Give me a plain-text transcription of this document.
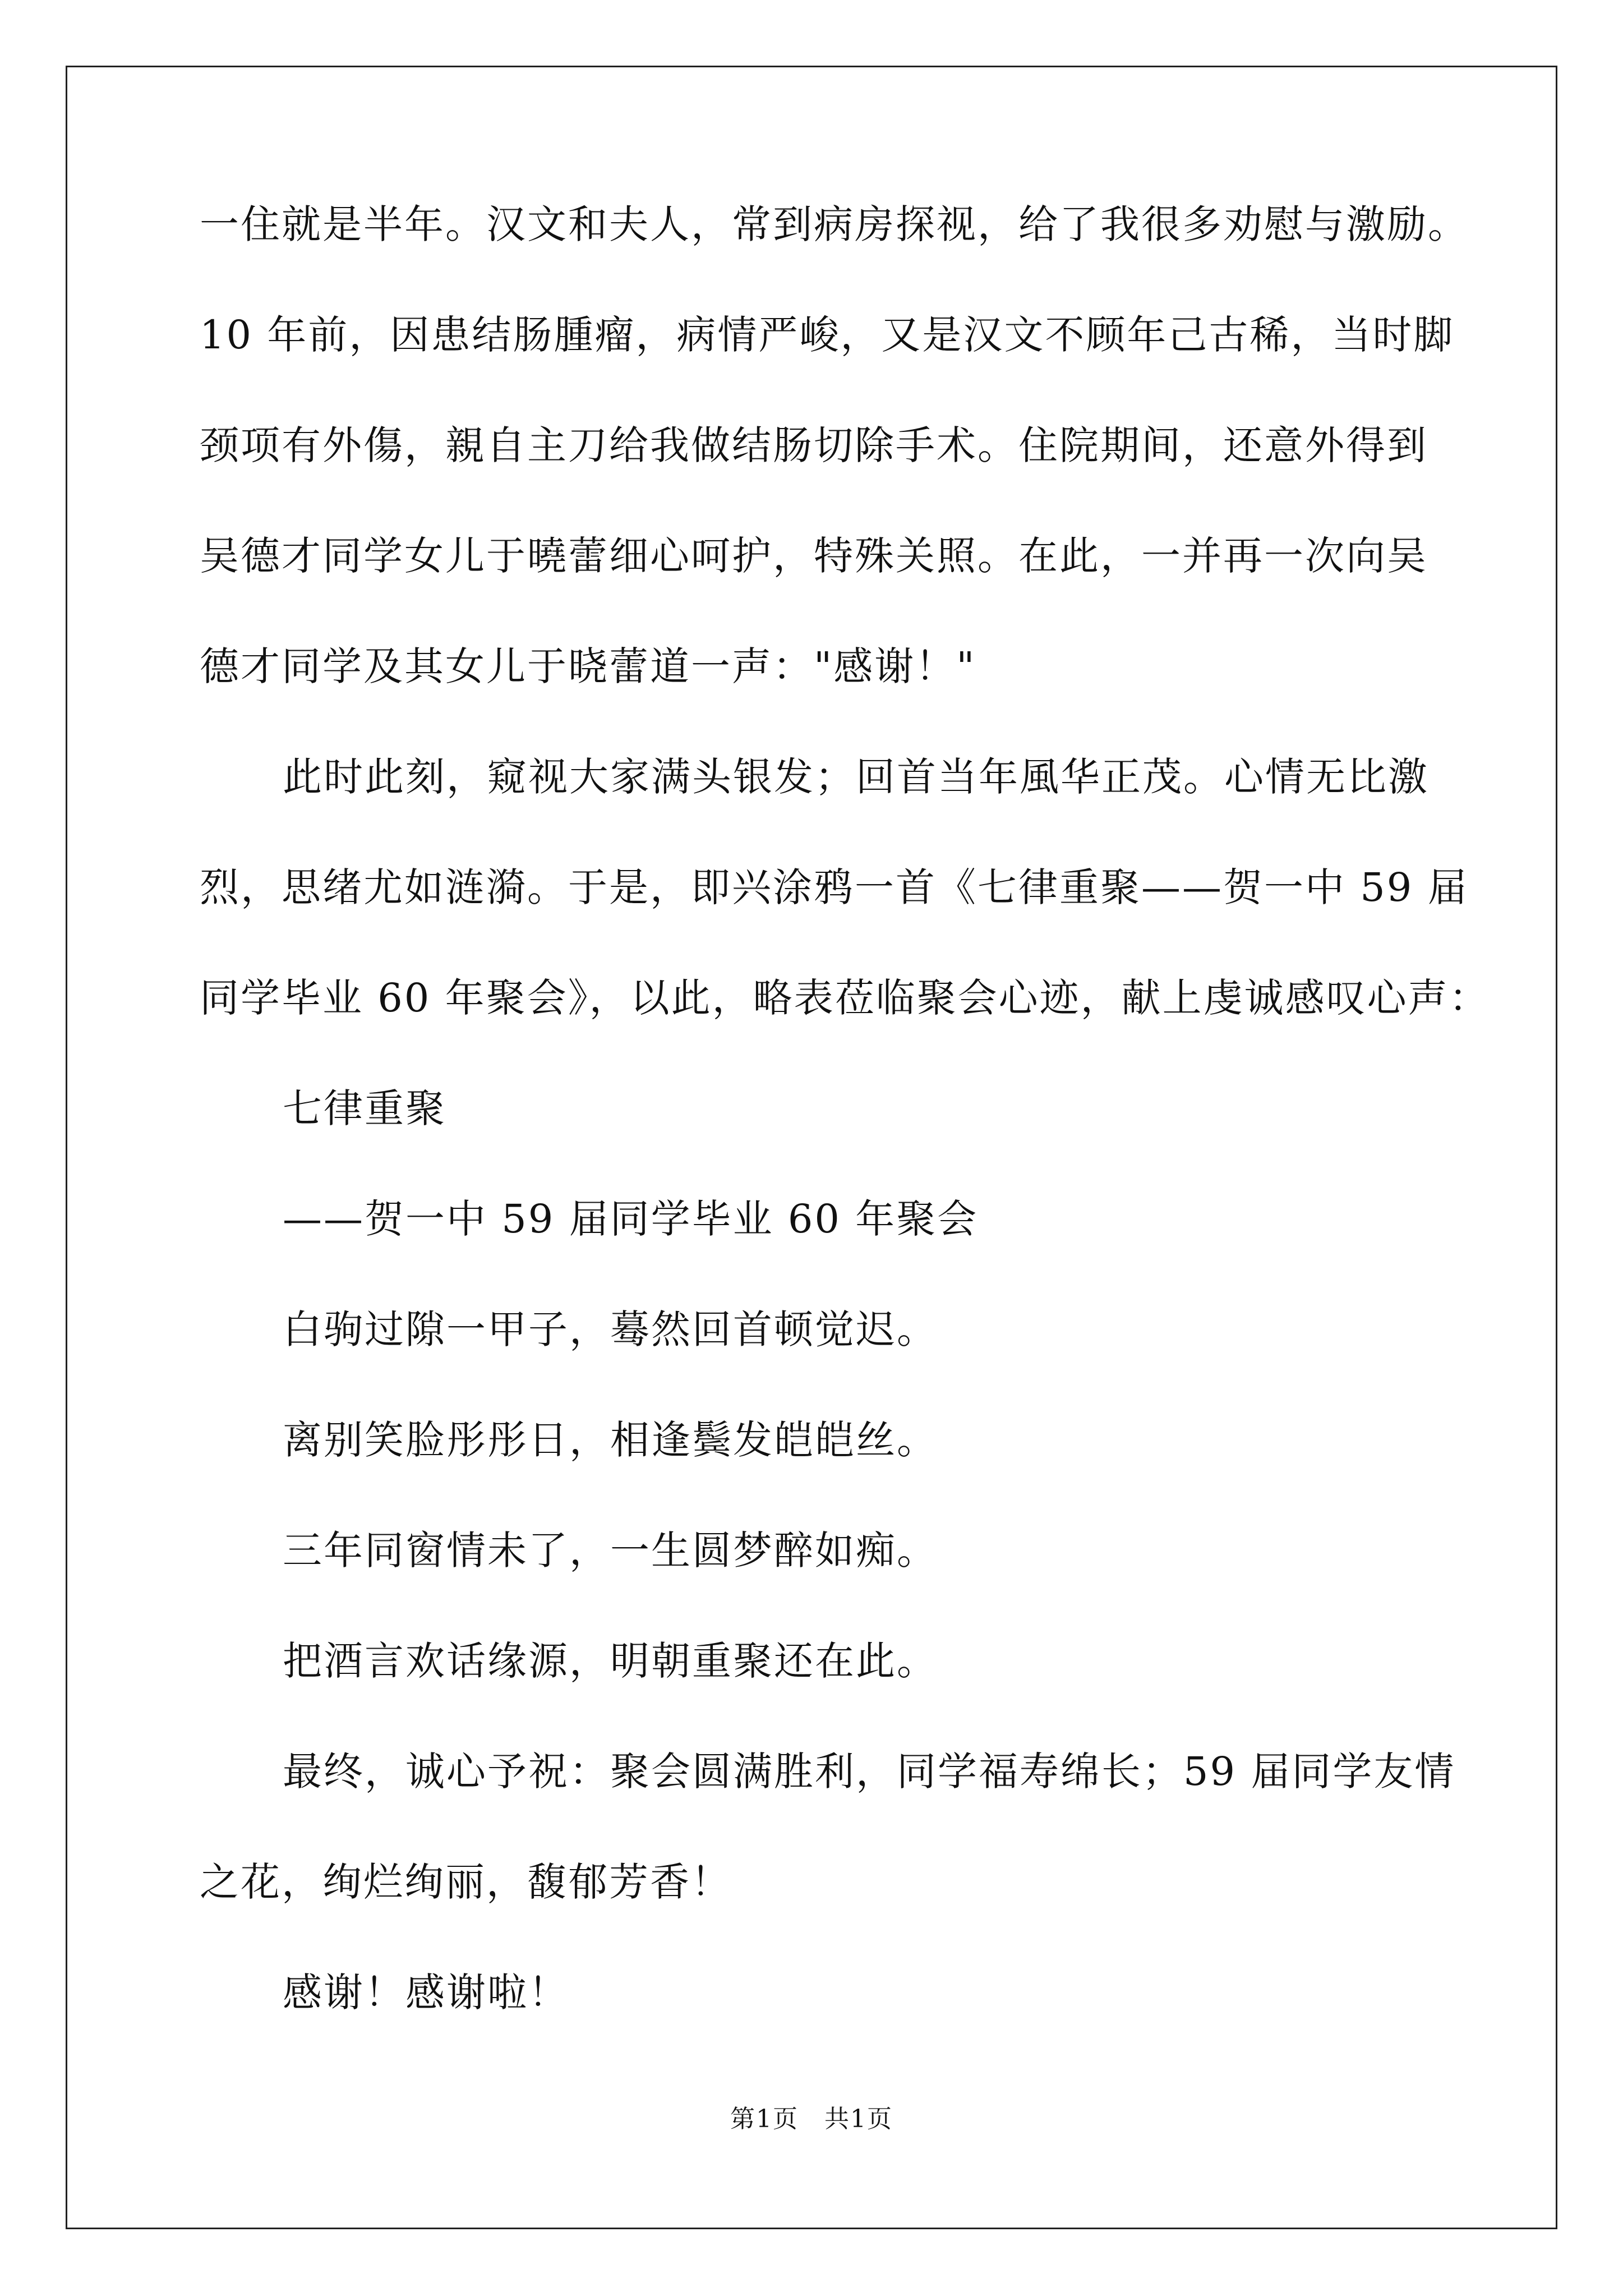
一住就是半年。汉文和夫人，常到病房探视，给了我很多劝慰与激励。
10 年前，因患结肠腫瘤，病情严峻，又是汉文不顾年己古稀，当时脚
颈项有外傷，親自主刀给我做结肠切除手术。住院期间，还意外得到
吴德才同学女儿于曉蕾细心呵护，特殊关照。在此，一并再一次向吴
德才同学及其女儿于晓蕾道一声："感谢！"
此时此刻，窥视大家满头银发；回首当年風华正茂。心情无比激
烈，思绪尤如涟漪。于是，即兴涂鸦一首《七律重聚——贺一中 59 届
同学毕业 60 年聚会》，以此，略表莅临聚会心迹，献上虔诚感叹心声：
七律重聚
——贺一中 59 届同学毕业 60 年聚会
白驹过隙一甲子，蓦然回首顿觉迟。
离别笑脸彤彤日，相逢鬓发皑皑丝。
三年同窗情未了，一生圆梦醉如痴。
把酒言欢话缘源，明朝重聚还在此。
最终，诚心予祝：聚会圆满胜利，同学福寿绵长；59 届同学友情
之花，绚烂绚丽，馥郁芳香！
感谢！感谢啦！
第1页　共1页
